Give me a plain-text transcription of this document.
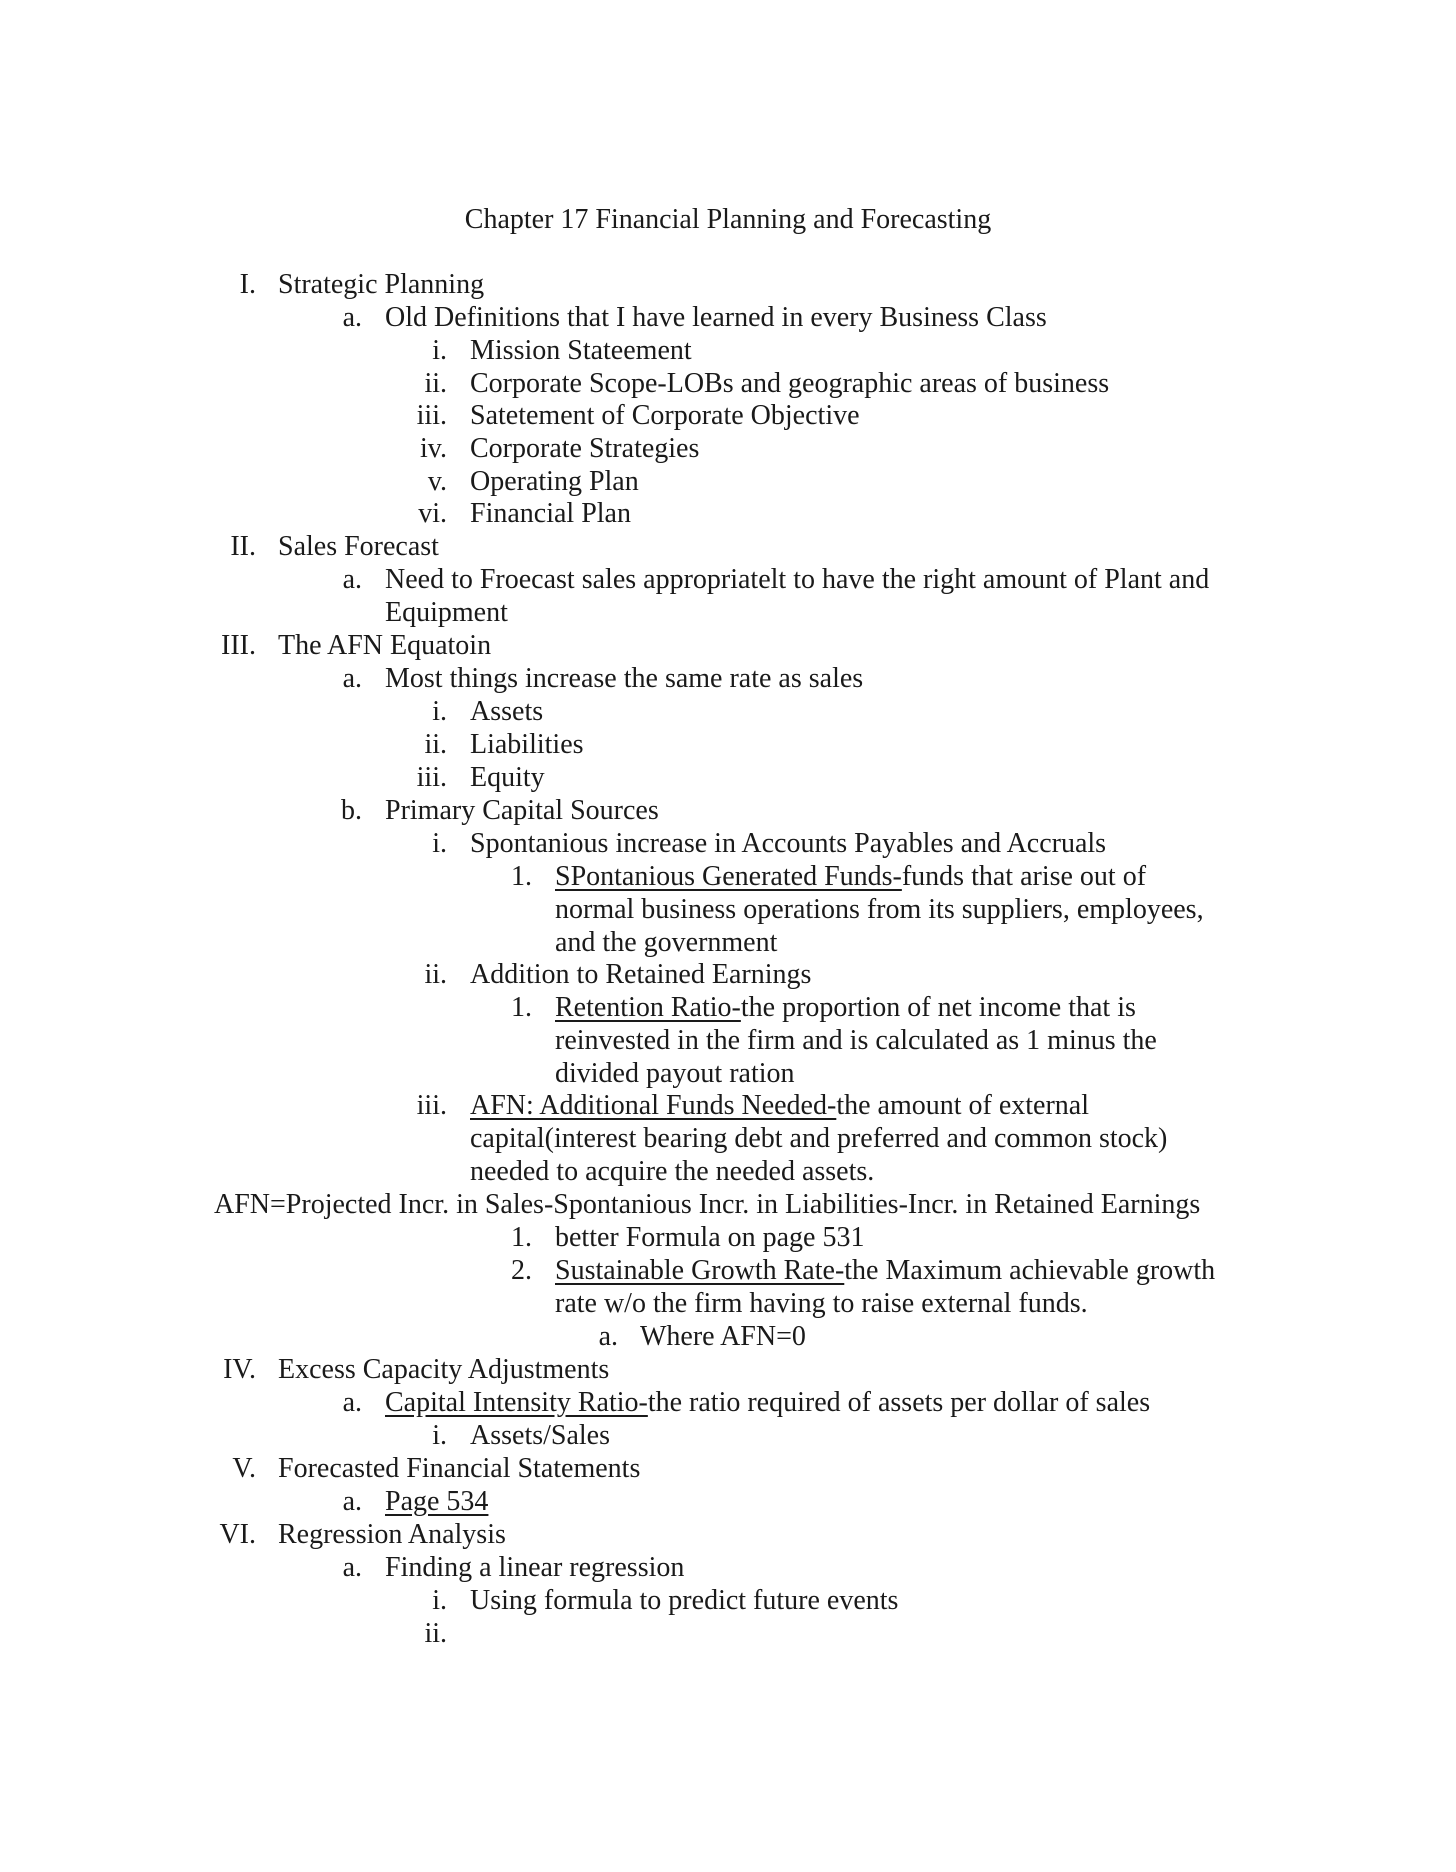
Chapter 17 Financial Planning and Forecasting
I. Strategic Planning
a. Old Definitions that I have learned in every Business Class
i. Mission Stateement
ii. Corporate Scope-LOBs and geographic areas of business
iii. Satetement of Corporate Objective
iv. Corporate Strategies
v. Operating Plan
vi. Financial Plan
II. Sales Forecast
a. Need to Froecast sales appropriatelt to have the right amount of Plant and
Equipment
III. The AFN Equatoin
a. Most things increase the same rate as sales
i. Assets
ii. Liabilities
iii. Equity
b. Primary Capital Sources
i. Spontanious increase in Accounts Payables and Accruals
1. SPontanious Generated Funds-funds that arise out of
normal business operations from its suppliers, employees,
and the government
ii. Addition to Retained Earnings
1. Retention Ratio-the proportion of net income that is
reinvested in the firm and is calculated as 1 minus the
divided payout ration
iii. AFN: Additional Funds Needed-the amount of external
capital(interest bearing debt and preferred and common stock)
needed to acquire the needed assets.
AFN=Projected Incr. in Sales-Spontanious Incr. in Liabilities-Incr. in Retained Earnings
1. better Formula on page 531
2. Sustainable Growth Rate-the Maximum achievable growth
rate w/o the firm having to raise external funds.
a. Where AFN=0
IV. Excess Capacity Adjustments
a. Capital Intensity Ratio-the ratio required of assets per dollar of sales
i. Assets/Sales
V. Forecasted Financial Statements
a. Page 534
VI. Regression Analysis
a. Finding a linear regression
i. Using formula to predict future events
ii.
